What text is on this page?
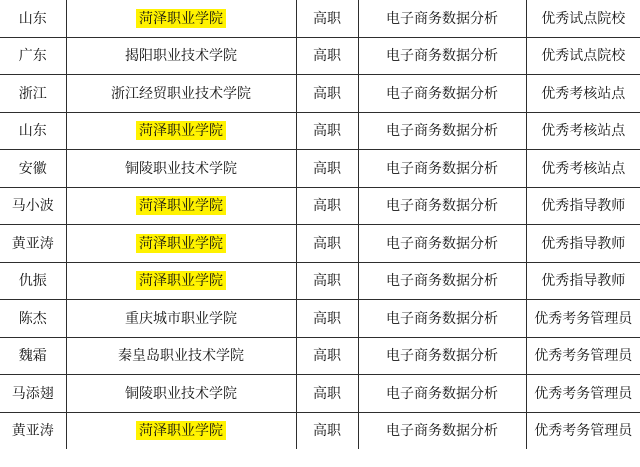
山东	菏泽职业学院	高职	电子商务数据分析	优秀试点院校
广东	揭阳职业技术学院	高职	电子商务数据分析	优秀试点院校
浙江	浙江经贸职业技术学院	高职	电子商务数据分析	优秀考核站点
山东	菏泽职业学院	高职	电子商务数据分析	优秀考核站点
安徽	铜陵职业技术学院	高职	电子商务数据分析	优秀考核站点
马小波	菏泽职业学院	高职	电子商务数据分析	优秀指导教师
黄亚涛	菏泽职业学院	高职	电子商务数据分析	优秀指导教师
仇振	菏泽职业学院	高职	电子商务数据分析	优秀指导教师
陈杰	重庆城市职业学院	高职	电子商务数据分析	优秀考务管理员
魏霜	秦皇岛职业技术学院	高职	电子商务数据分析	优秀考务管理员
马添翅	铜陵职业技术学院	高职	电子商务数据分析	优秀考务管理员
黄亚涛	菏泽职业学院	高职	电子商务数据分析	优秀考务管理员
